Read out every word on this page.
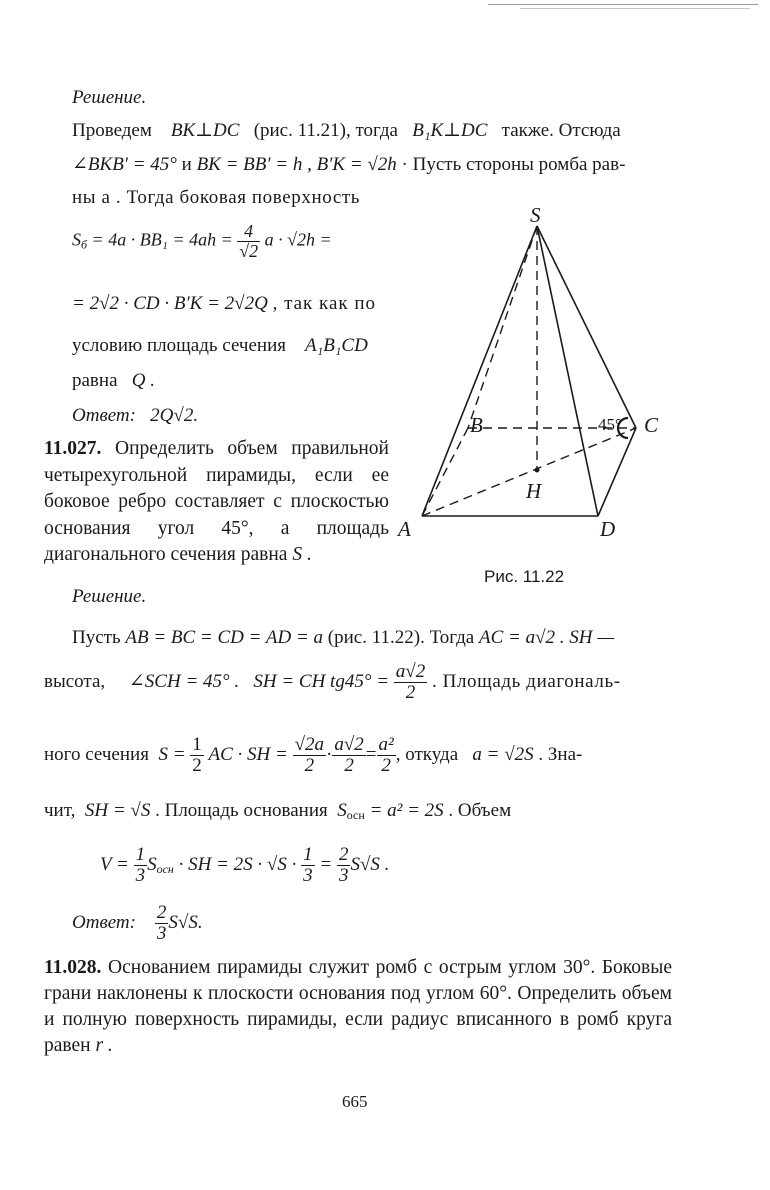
Решение.
Проведем BK⊥DC (рис. 11.21), тогда B₁K⊥DC также. Отсюда
∠BKB′ = 45° и BK = BB′ = h , B′K = √2h · Пусть стороны ромба рав-
ны a . Тогда боковая поверхность
$S_б = 4a \cdot BB_1 = 4ah = \frac{4}{√2}$ a · √2h =
= 2√2 · CD · B′K = 2√2Q , так как по
условию площадь сечения A₁B₁CD
равна Q .
Ответ: 2Q√2.
11.027. Определить объем правильной четырехугольной пирамиды, если ее боковое ребро составляет с плоскостью основания угол 45°, а площадь диагонального сечения равна S .
Решение.
S
B	C
A	D
H
45°
Рис. 11.22
Пусть AB = BC = CD = AD = a (рис. 11.22). Тогда AC = a√2 . SH —
высота, ∠SCH = 45° . SH = CH $tg45^\circ = \frac{a√2}{2}$ . Площадь диагональ-
ного сечения $S = \frac{1}{2}$ AC · SH = $\frac{√2a}{2} \cdot \frac{a√2}{2} = \frac{\text{a²}}{2}$ , откуда a = √2S . Зна-
чит, SH = √S . Площадь основания $S_{осн} = a^2 = 2S$ . Объем
$V = \frac{1}{3} S_{осн}$ · SH = $2S \cdot √S \cdot \frac{1}{3} = \frac{2}{3} S√S$ .
Ответ: $\frac{2}{3} S√S$.
11.028. Основанием пирамиды служит ромб с острым углом 30°. Боковые грани наклонены к плоскости основания под углом 60°. Определить объем и полную поверхность пирамиды, если радиус вписанного в ромб круга равен r .
665
